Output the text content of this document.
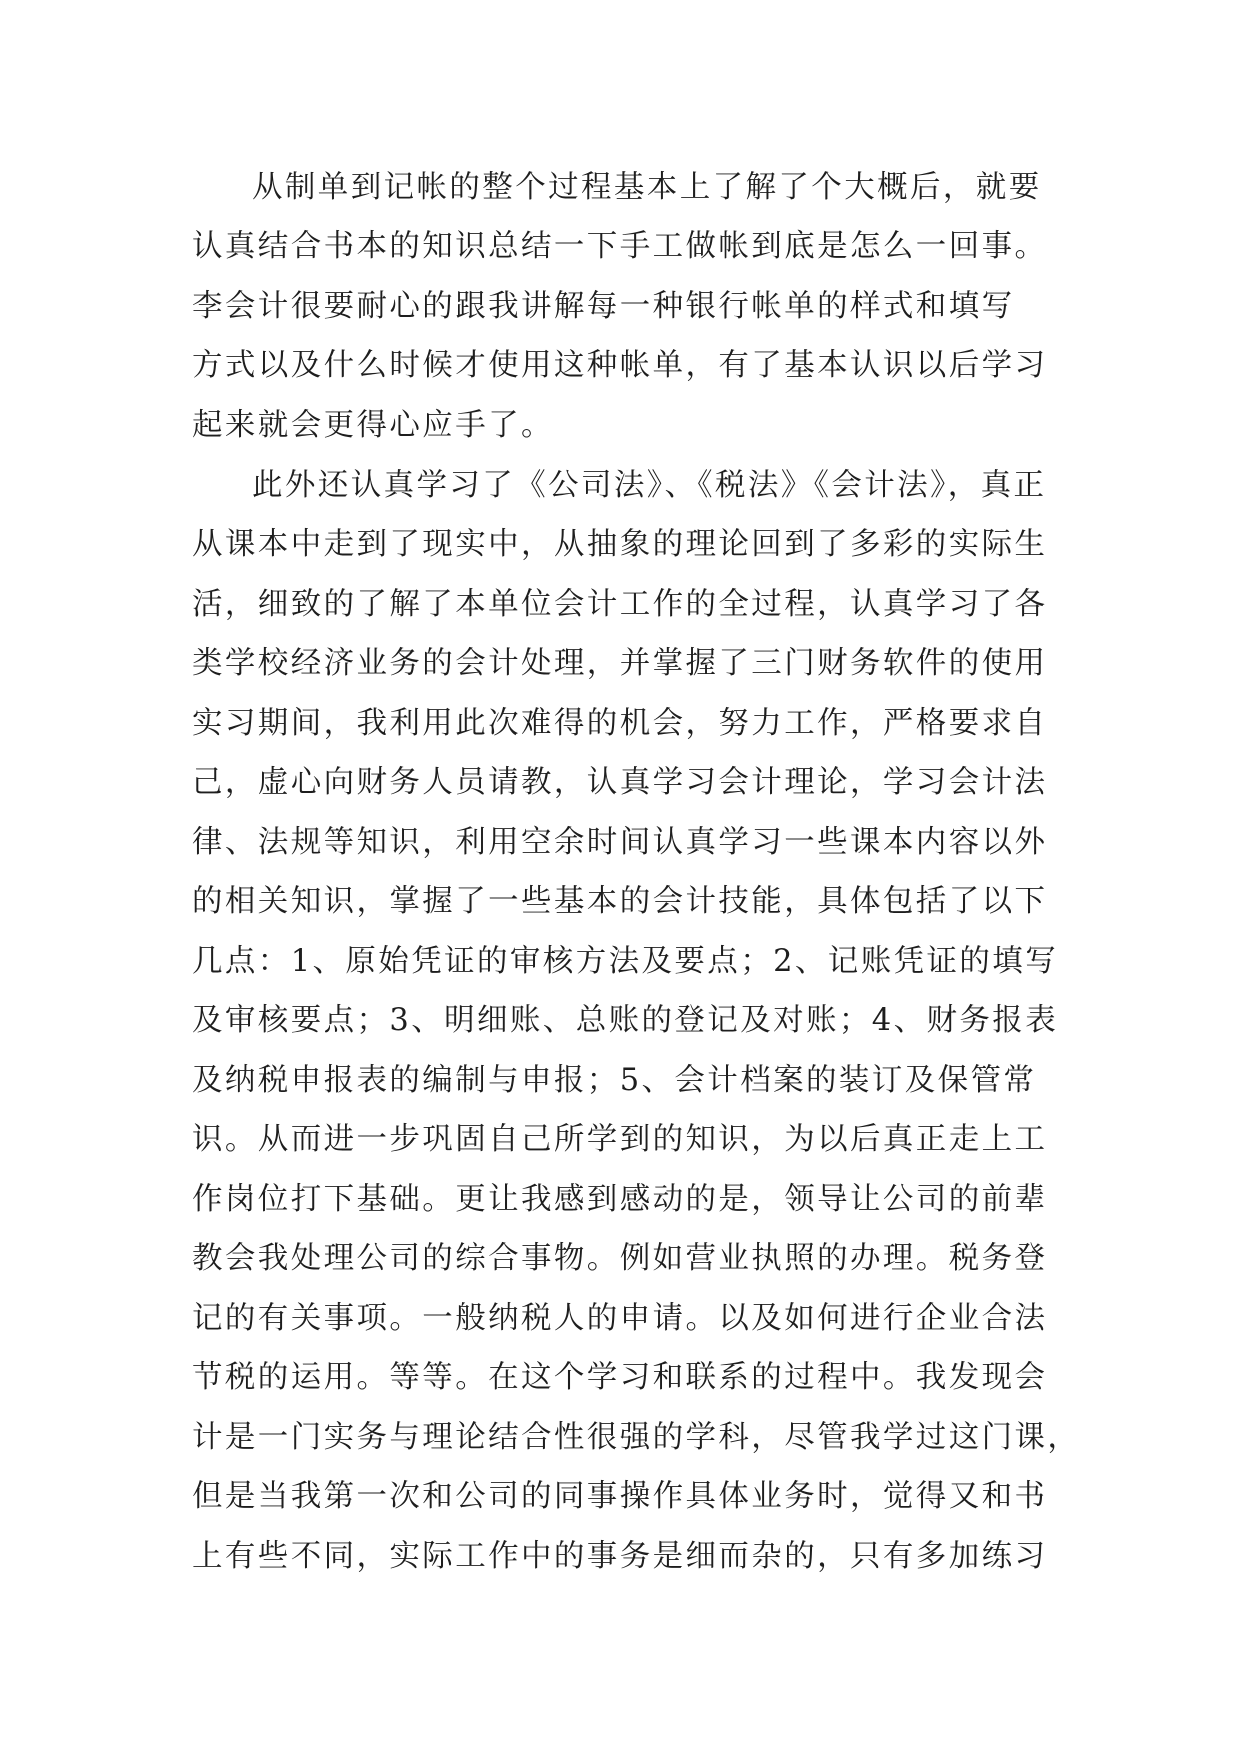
从制单到记帐的整个过程基本上了解了个大概后，就要
认真结合书本的知识总结一下手工做帐到底是怎么一回事。
李会计很要耐心的跟我讲解每一种银行帐单的样式和填写
方式以及什么时候才使用这种帐单，有了基本认识以后学习
起来就会更得心应手了。
此外还认真学习了《公司法》、《税法》《会计法》，真正
从课本中走到了现实中，从抽象的理论回到了多彩的实际生
活，细致的了解了本单位会计工作的全过程，认真学习了各
类学校经济业务的会计处理，并掌握了三门财务软件的使用
实习期间，我利用此次难得的机会，努力工作，严格要求自
己，虚心向财务人员请教，认真学习会计理论，学习会计法
律、法规等知识，利用空余时间认真学习一些课本内容以外
的相关知识，掌握了一些基本的会计技能，具体包括了以下
几点：1、原始凭证的审核方法及要点；2、记账凭证的填写
及审核要点；3、明细账、总账的登记及对账；4、财务报表
及纳税申报表的编制与申报；5、会计档案的装订及保管常
识。从而进一步巩固自己所学到的知识，为以后真正走上工
作岗位打下基础。更让我感到感动的是，领导让公司的前辈
教会我处理公司的综合事物。例如营业执照的办理。税务登
记的有关事项。一般纳税人的申请。以及如何进行企业合法
节税的运用。等等。在这个学习和联系的过程中。我发现会
计是一门实务与理论结合性很强的学科，尽管我学过这门课，
但是当我第一次和公司的同事操作具体业务时，觉得又和书
上有些不同，实际工作中的事务是细而杂的，只有多加练习
